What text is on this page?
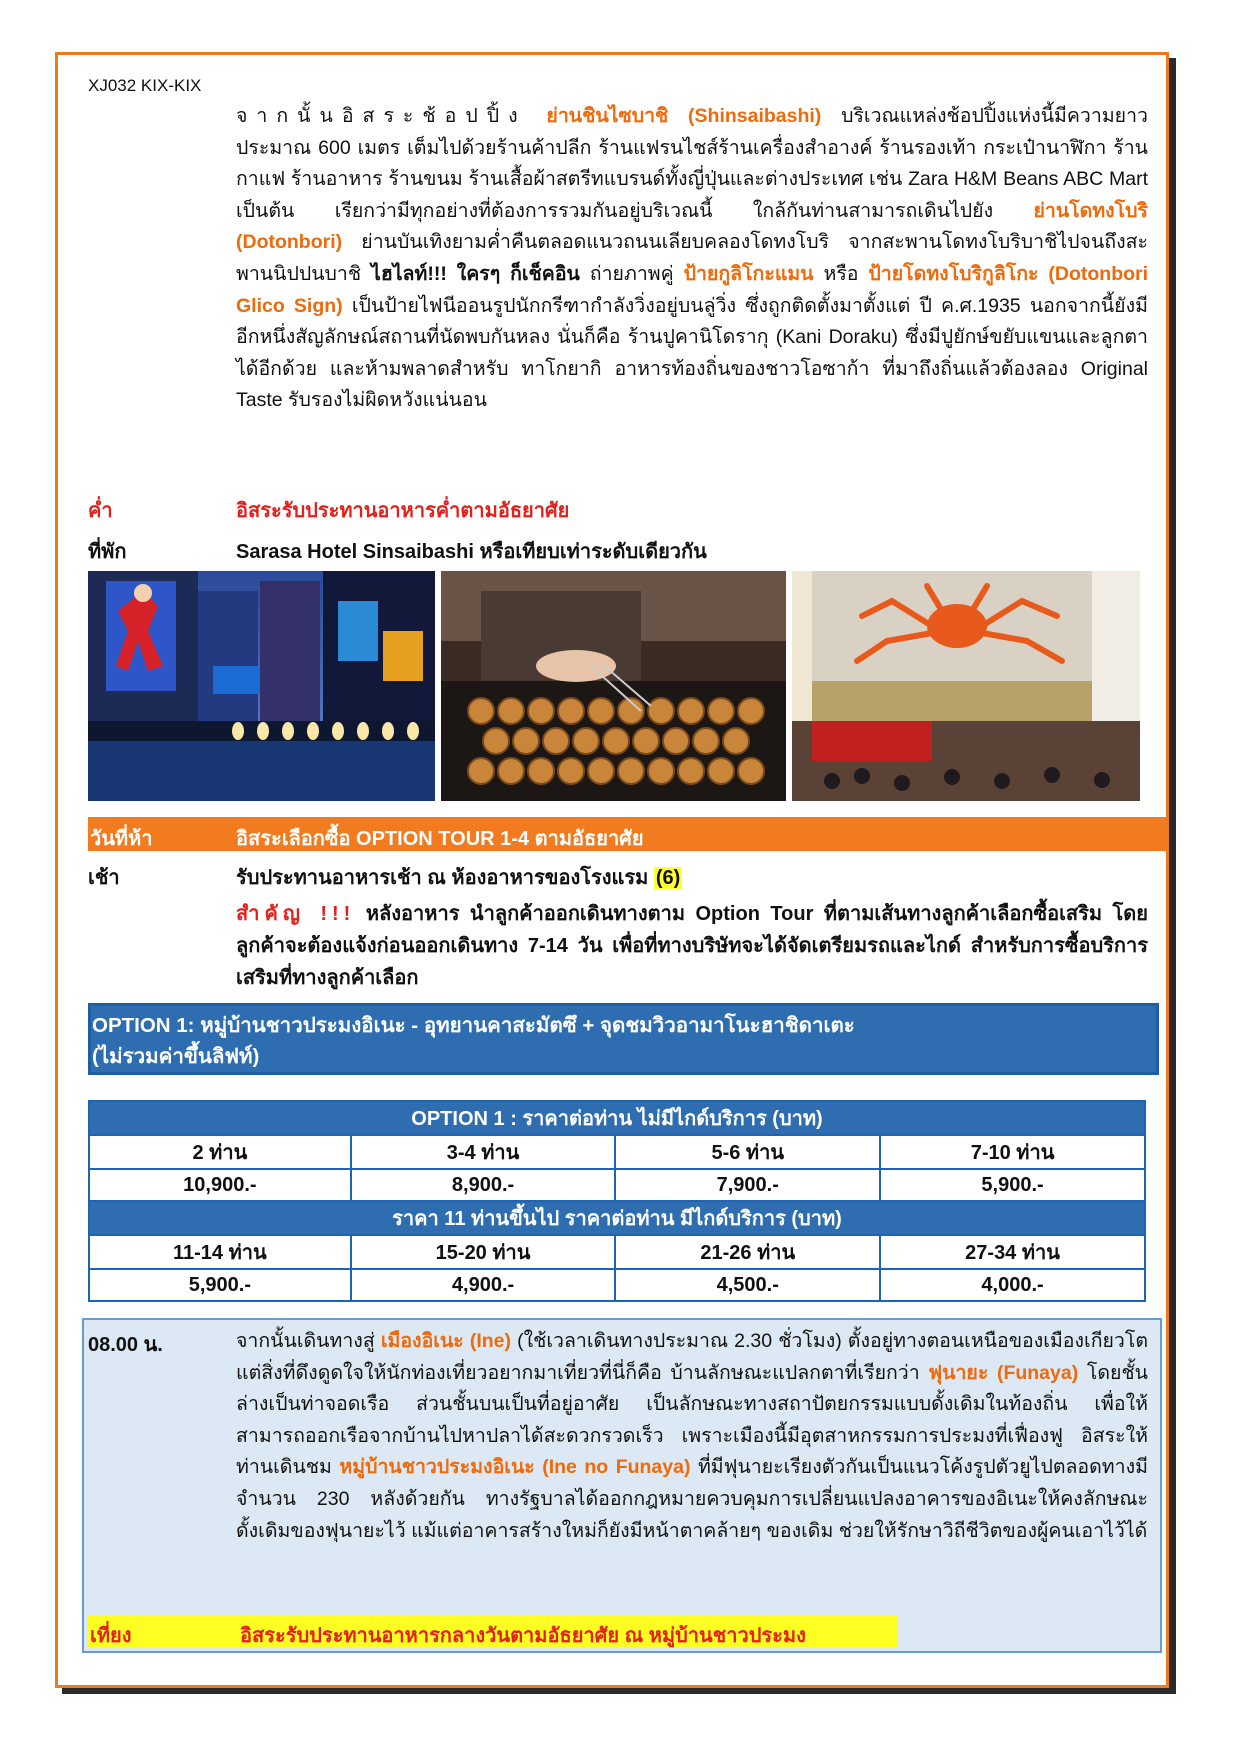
XJ032 KIX-KIX

จากนั้นอิสระช้อปปิ้ง ย่านชินไซบาชิ (Shinsaibashi) บริเวณแหล่งช้อปปิ้งแห่งนี้มีความยาวประมาณ 600 เมตร เต็มไปด้วยร้านค้าปลีก ร้านแฟรนไชส์ร้านเครื่องสำอางค์ ร้านรองเท้า กระเป๋านาฬิกา ร้านกาแฟ ร้านอาหาร ร้านขนม ร้านเสื้อผ้าสตรีทแบรนด์ทั้งญี่ปุ่นและต่างประเทศ เช่น Zara H&M Beans ABC Mart เป็นต้น เรียกว่ามีทุกอย่างที่ต้องการรวมกันอยู่บริเวณนี้ ใกล้กันท่านสามารถเดินไปยัง ย่านโดทงโบริ (Dotonbori) ย่านบันเทิงยามค่ำคืนตลอดแนวถนนเลียบคลองโดทงโบริ จากสะพานโดทงโบริบาชิไปจนถึงสะพานนิปปนบาชิ ไฮไลท์!!! ใครๆ ก็เช็คอิน ถ่ายภาพคู่ ป้ายกูลิโกะแมน หรือ ป้ายโดทงโบริกูลิโกะ (Dotonbori Glico Sign) เป็นป้ายไฟนีออนรูปนักกรีฑากำลังวิ่งอยู่บนลู่วิ่ง ซึ่งถูกติดตั้งมาตั้งแต่ ปี ค.ศ.1935 นอกจากนี้ยังมีอีกหนึ่งสัญลักษณ์สถานที่นัดพบกันหลง นั่นก็คือ ร้านปูคานิโดรากุ (Kani Doraku) ซึ่งมีปูยักษ์ขยับแขนและลูกตาได้อีกด้วย และห้ามพลาดสำหรับ ทาโกยากิ อาหารท้องถิ่นของชาวโอซาก้า ที่มาถึงถิ่นแล้วต้องลอง Original Taste รับรองไม่ผิดหวังแน่นอน

ค่ำ	อิสระรับประทานอาหารค่ำตามอัธยาศัย
ที่พัก	Sarasa Hotel Sinsaibashi หรือเทียบเท่าระดับเดียวกัน
วันที่ห้า	อิสระเลือกซื้อ OPTION TOUR 1-4 ตามอัธยาศัย
เช้า	รับประทานอาหารเช้า ณ ห้องอาหารของโรงแรม (6)

สำคัญ !!! หลังอาหาร นำลูกค้าออกเดินทางตาม Option Tour ที่ตามเส้นทางลูกค้าเลือกซื้อเสริม โดยลูกค้าจะต้องแจ้งก่อนออกเดินทาง 7-14 วัน เพื่อที่ทางบริษัทจะได้จัดเตรียมรถและไกด์ สำหรับการซื้อบริการเสริมที่ทางลูกค้าเลือก

OPTION 1: หมู่บ้านชาวประมงอิเนะ - อุทยานคาสะมัตซึ + จุดชมวิวอามาโนะฮาชิดาเตะ
(ไม่รวมค่าขึ้นลิฟท์)
OPTION 1 : ราคาต่อท่าน ไม่มีไกด์บริการ (บาท)			
2 ท่าน	3-4 ท่าน	5-6 ท่าน	7-10 ท่าน
10,900.-	8,900.-	7,900.-	5,900.-
ราคา 11 ท่านขึ้นไป ราคาต่อท่าน มีไกด์บริการ (บาท)			
11-14 ท่าน	15-20 ท่าน	21-26 ท่าน	27-34 ท่าน
5,900.-	4,900.-	4,500.-	4,000.-
08.00 น.	จากนั้นเดินทางสู่ เมืองอิเนะ (Ine) (ใช้เวลาเดินทางประมาณ 2.30 ชั่วโมง) ตั้งอยู่ทางตอนเหนือของเมืองเกียวโต แต่สิ่งที่ดึงดูดใจให้นักท่องเที่ยวอยากมาเที่ยวที่นี่ก็คือ บ้านลักษณะแปลกตาที่เรียกว่า ฟุนายะ (Funaya) โดยชั้นล่างเป็นท่าจอดเรือ ส่วนชั้นบนเป็นที่อยู่อาศัย เป็นลักษณะทางสถาปัตยกรรมแบบดั้งเดิมในท้องถิ่น เพื่อให้สามารถออกเรือจากบ้านไปหาปลาได้สะดวกรวดเร็ว เพราะเมืองนี้มีอุตสาหกรรมการประมงที่เฟื่องฟู อิสระให้ท่านเดินชม หมู่บ้านชาวประมงอิเนะ (Ine no Funaya) ที่มีฟุนายะเรียงตัวกันเป็นแนวโค้งรูปตัวยูไปตลอดทางมีจำนวน 230 หลังด้วยกัน ทางรัฐบาลได้ออกกฎหมายควบคุมการเปลี่ยนแปลงอาคารของอิเนะให้คงลักษณะดั้งเดิมของฟุนายะไว้ แม้แต่อาคารสร้างใหม่ก็ยังมีหน้าตาคล้ายๆ ของเดิม ช่วยให้รักษาวิถีชีวิตของผู้คนเอาไว้ได้

เที่ยง	อิสระรับประทานอาหารกลางวันตามอัธยาศัย ณ หมู่บ้านชาวประมง
